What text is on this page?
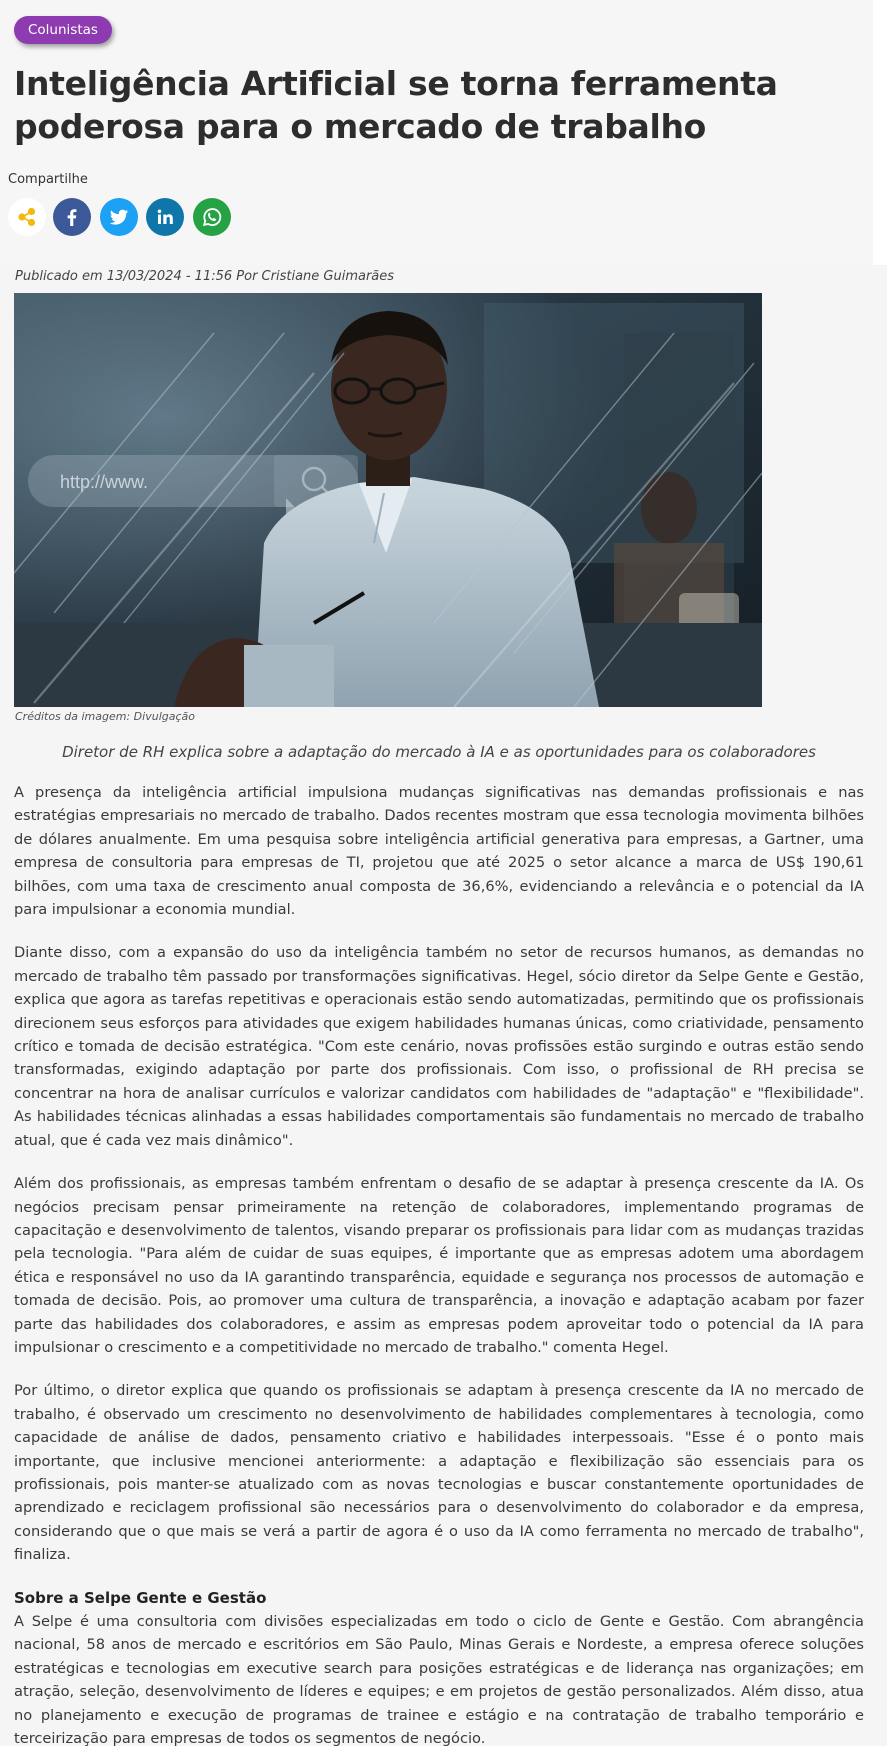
Colunistas
Inteligência Artificial se torna ferramenta poderosa para o mercado de trabalho
Compartilhe
Publicado em 13/03/2024 - 11:56 Por Cristiane Guimarães
http://www.
Créditos da imagem: Divulgação
Diretor de RH explica sobre a adaptação do mercado à IA e as oportunidades para os colaboradores

A presença da inteligência artificial impulsiona mudanças significativas nas demandas profissionais e nas estratégias empresariais no mercado de trabalho. Dados recentes mostram que essa tecnologia movimenta bilhões de dólares anualmente. Em uma pesquisa sobre inteligência artificial generativa para empresas, a Gartner, uma empresa de consultoria para empresas de TI, projetou que até 2025 o setor alcance a marca de US$ 190,61 bilhões, com uma taxa de crescimento anual composta de 36,6%, evidenciando a relevância e o potencial da IA para impulsionar a economia mundial.

Diante disso, com a expansão do uso da inteligência também no setor de recursos humanos, as demandas no mercado de trabalho têm passado por transformações significativas. Hegel, sócio diretor da Selpe Gente e Gestão, explica que agora as tarefas repetitivas e operacionais estão sendo automatizadas, permitindo que os profissionais direcionem seus esforços para atividades que exigem habilidades humanas únicas, como criatividade, pensamento crítico e tomada de decisão estratégica. "Com este cenário, novas profissões estão surgindo e outras estão sendo transformadas, exigindo adaptação por parte dos profissionais. Com isso, o profissional de RH precisa se concentrar na hora de analisar currículos e valorizar candidatos com habilidades de "adaptação" e "flexibilidade". As habilidades técnicas alinhadas a essas habilidades comportamentais são fundamentais no mercado de trabalho atual, que é cada vez mais dinâmico".

Além dos profissionais, as empresas também enfrentam o desafio de se adaptar à presença crescente da IA. Os negócios precisam pensar primeiramente na retenção de colaboradores, implementando programas de capacitação e desenvolvimento de talentos, visando preparar os profissionais para lidar com as mudanças trazidas pela tecnologia. "Para além de cuidar de suas equipes, é importante que as empresas adotem uma abordagem ética e responsável no uso da IA garantindo transparência, equidade e segurança nos processos de automação e tomada de decisão. Pois, ao promover uma cultura de transparência, a inovação e adaptação acabam por fazer parte das habilidades dos colaboradores, e assim as empresas podem aproveitar todo o potencial da IA para impulsionar o crescimento e a competitividade no mercado de trabalho." comenta Hegel.

Por último, o diretor explica que quando os profissionais se adaptam à presença crescente da IA no mercado de trabalho, é observado um crescimento no desenvolvimento de habilidades complementares à tecnologia, como capacidade de análise de dados, pensamento criativo e habilidades interpessoais. "Esse é o ponto mais importante, que inclusive mencionei anteriormente: a adaptação e flexibilização são essenciais para os profissionais, pois manter-se atualizado com as novas tecnologias e buscar constantemente oportunidades de aprendizado e reciclagem profissional são necessários para o desenvolvimento do colaborador e da empresa, considerando que o que mais se verá a partir de agora é o uso da IA como ferramenta no mercado de trabalho", finaliza.

Sobre a Selpe Gente e Gestão

A Selpe é uma consultoria com divisões especializadas em todo o ciclo de Gente e Gestão. Com abrangência nacional, 58 anos de mercado e escritórios em São Paulo, Minas Gerais e Nordeste, a empresa oferece soluções estratégicas e tecnologias em executive search para posições estratégicas e de liderança nas organizações; em atração, seleção, desenvolvimento de líderes e equipes; e em projetos de gestão personalizados. Além disso, atua no planejamento e execução de programas de trainee e estágio e na contratação de trabalho temporário e terceirização para empresas de todos os segmentos de negócio.
